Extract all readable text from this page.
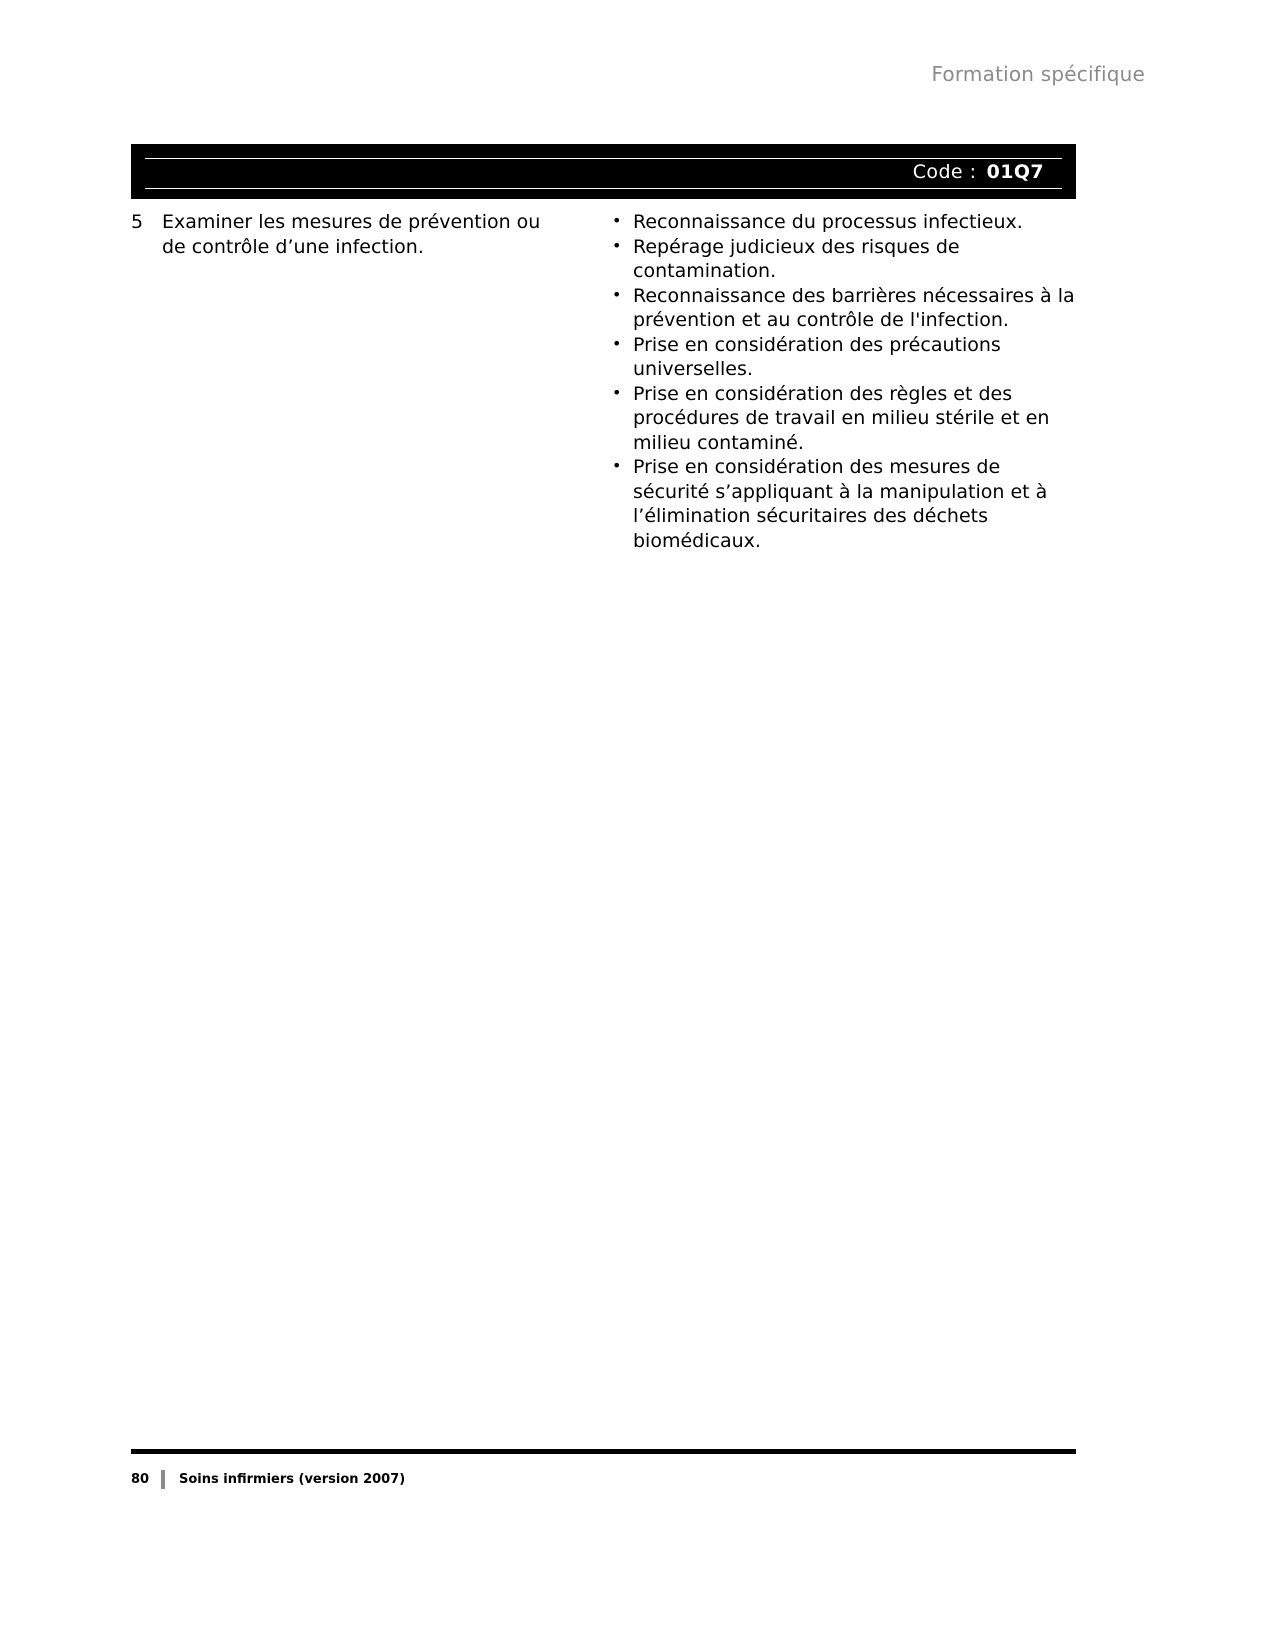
Formation spécifique
Code : 01Q7
5 Examiner les mesures de prévention ou de contrôle d’une infection.
• Reconnaissance du processus infectieux.
• Repérage judicieux des risques de contamination.
• Reconnaissance des barrières nécessaires à la prévention et au contrôle de l'infection.
• Prise en considération des précautions universelles.
• Prise en considération des règles et des procédures de travail en milieu stérile et en milieu contaminé.
• Prise en considération des mesures de sécurité s’appliquant à la manipulation et à l’élimination sécuritaires des déchets biomédicaux.
80	Soins infirmiers (version 2007)
